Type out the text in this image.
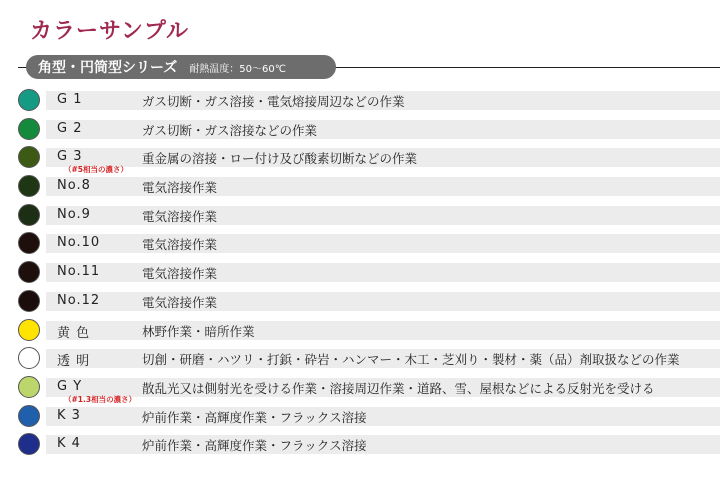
カラーサンプル
角型・円筒型シリーズ 耐熱温度：50〜60℃
G 1	ガス切断・ガス溶接・電気熔接周辺などの作業
G 2	ガス切断・ガス溶接などの作業
G 3	重金属の溶接・ロー付け及び酸素切断などの作業
（#5相当の濃さ）
No.8	電気溶接作業
No.9	電気溶接作業
No.10	電気溶接作業
No.11	電気溶接作業
No.12	電気溶接作業
黄 色	林野作業・暗所作業
透 明	切創・研磨・ハツリ・打鋲・砕岩・ハンマー・木工・芝刈り・製材・薬（品）剤取扱などの作業
G Y	散乱光又は側射光を受ける作業・溶接周辺作業・道路、雪、屋根などによる反射光を受ける
（#1.3相当の濃さ）
K 3	炉前作業・高輝度作業・フラックス溶接
K 4	炉前作業・高輝度作業・フラックス溶接
